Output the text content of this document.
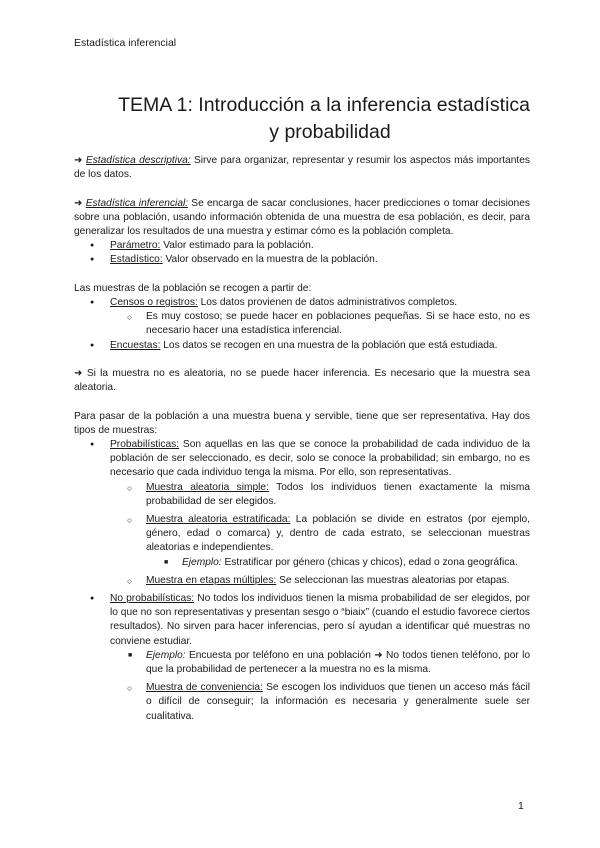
Estadística inferencial
TEMA 1: Introducción a la inferencia estadística
y probabilidad

➜ Estadística descriptiva: Sirve para organizar, representar y resumir los aspectos más importantes de los datos.

➜ Estadística inferencial: Se encarga de sacar conclusiones, hacer predicciones o tomar decisiones sobre una población, usando información obtenida de una muestra de esa población, es decir, para generalizar los resultados de una muestra y estimar cómo es la población completa.

● Parámetro: Valor estimado para la población.
● Estadístico: Valor observado en la muestra de la población.

Las muestras de la población se recogen a partir de:

● Censos o registros: Los datos provienen de datos administrativos completos.
○ Es muy costoso; se puede hacer en poblaciones pequeñas. Si se hace esto, no es necesario hacer una estadística inferencial.
● Encuestas: Los datos se recogen en una muestra de la población que está estudiada.

➜ Si la muestra no es aleatoria, no se puede hacer inferencia. Es necesario que la muestra sea aleatoria.

Para pasar de la población a una muestra buena y servible, tiene que ser representativa. Hay dos tipos de muestras:

● Probabilísticas: Son aquellas en las que se conoce la probabilidad de cada individuo de la población de ser seleccionado, es decir, solo se conoce la probabilidad; sin embargo, no es necesario que cada individuo tenga la misma. Por ello, son representativas.
○ Muestra aleatoria simple: Todos los individuos tienen exactamente la misma probabilidad de ser elegidos.
○ Muestra aleatoria estratificada: La población se divide en estratos (por ejemplo, género, edad o comarca) y, dentro de cada estrato, se seleccionan muestras aleatorias e independientes.
■ Ejemplo: Estratificar por género (chicas y chicos), edad o zona geográfica.
○ Muestra en etapas múltiples: Se seleccionan las muestras aleatorias por etapas.
● No probabilísticas: No todos los individuos tienen la misma probabilidad de ser elegidos, por lo que no son representativas y presentan sesgo o “biaix” (cuando el estudio favorece ciertos resultados). No sirven para hacer inferencias, pero sí ayudan a identificar qué muestras no conviene estudiar.
■ Ejemplo: Encuesta por teléfono en una población ➜ No todos tienen teléfono, por lo que la probabilidad de pertenecer a la muestra no es la misma.
○ Muestra de conveniencia: Se escogen los individuos que tienen un acceso más fácil o difícil de conseguir; la información es necesaria y generalmente suele ser cualitativa.
1
